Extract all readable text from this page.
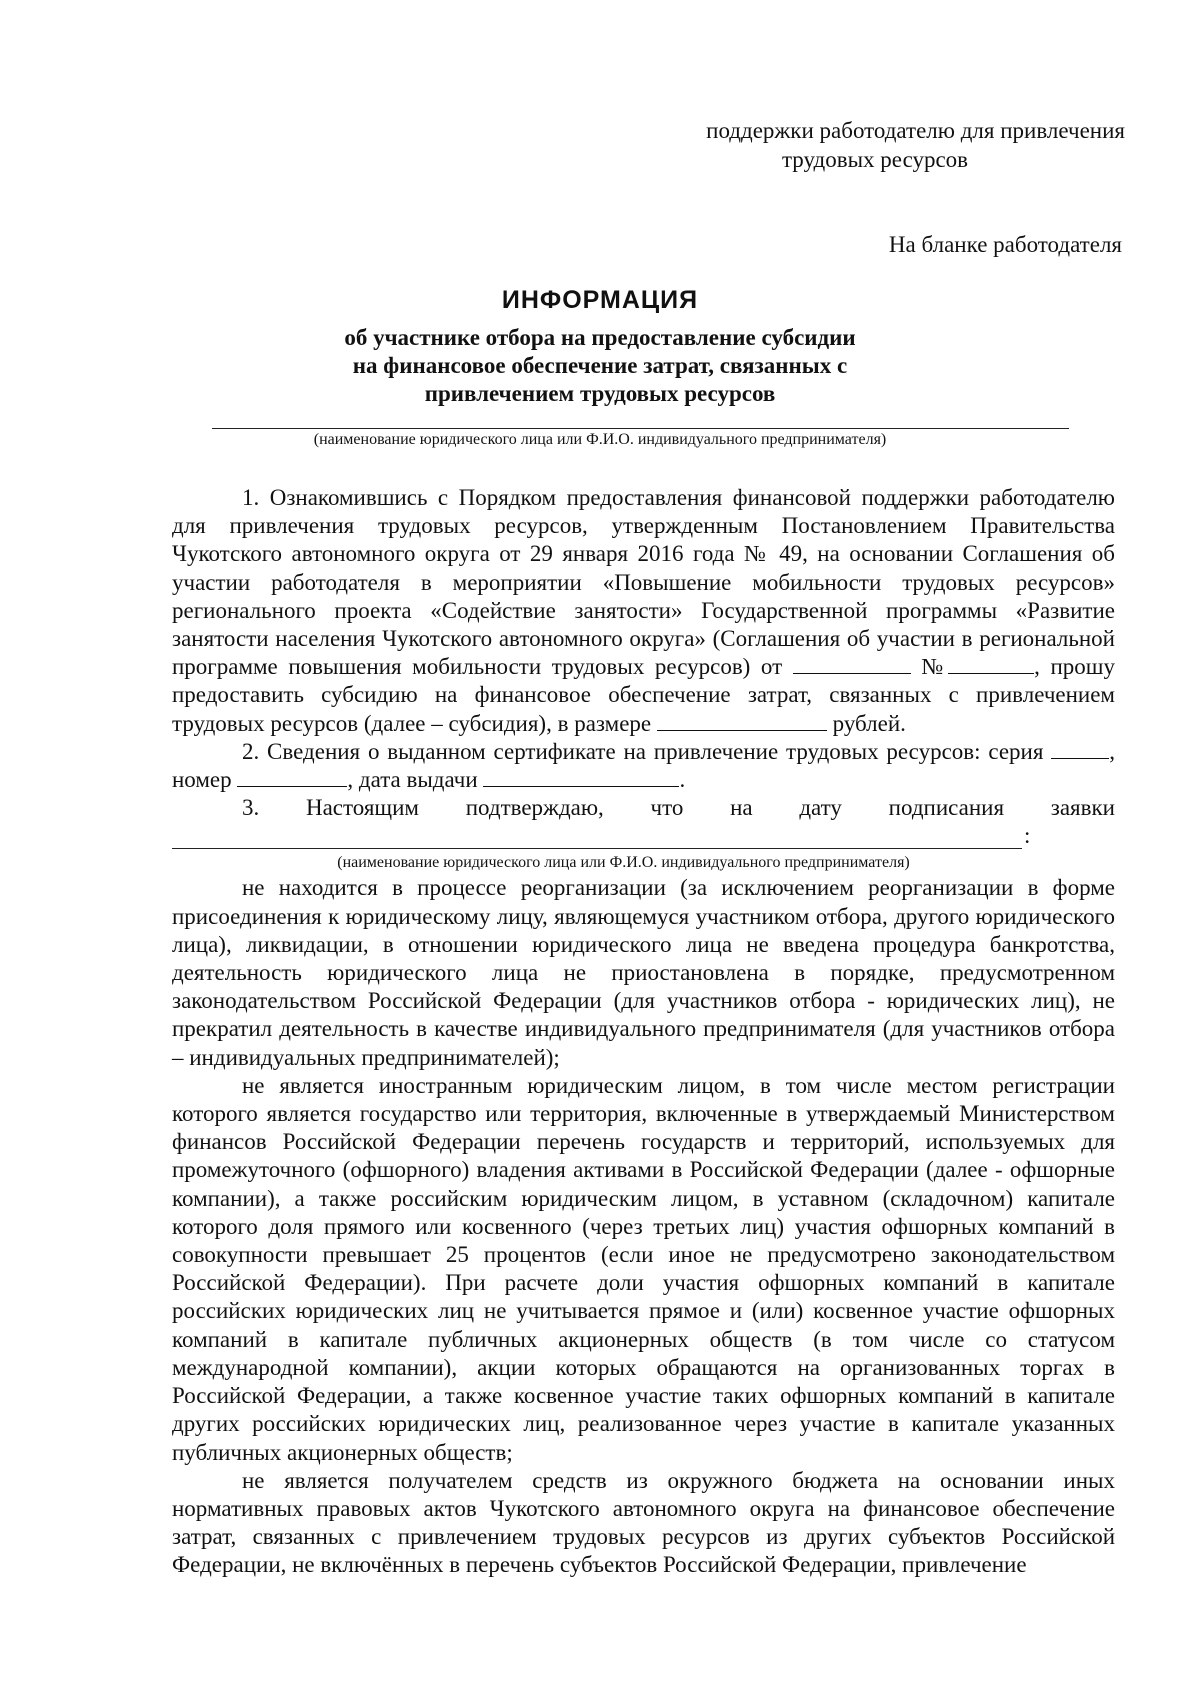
поддержки работодателю для привлечения
трудовых ресурсов
На бланке работодателя
ИНФОРМАЦИЯ
об участнике отбора на предоставление субсидии
на финансовое обеспечение затрат, связанных с
привлечением трудовых ресурсов
(наименование юридического лица или Ф.И.О. индивидуального предпринимателя)

1. Ознакомившись с Порядком предоставления финансовой поддержки работодателю для привлечения трудовых ресурсов, утвержденным Постановлением Правительства Чукотского автономного округа от 29 января 2016 года № 49, на основании Соглашения об участии работодателя в мероприятии «Повышение мобильности трудовых ресурсов» регионального проекта «Содействие занятости» Государственной программы «Развитие занятости населения Чукотского автономного округа» (Соглашения об участии в региональной программе повышения мобильности трудовых ресурсов) от	№	, прошу предоставить субсидию на финансовое обеспечение затрат, связанных с привлечением трудовых ресурсов (далее – субсидия), в размере	рублей.

2. Сведения о выданном сертификате на привлечение трудовых ресурсов: серия	, номер	, дата выдачи	.

3. Настоящим подтверждаю, что на дату подписания заявки
:
(наименование юридического лица или Ф.И.О. индивидуального предпринимателя)

не находится в процессе реорганизации (за исключением реорганизации в форме присоединения к юридическому лицу, являющемуся участником отбора, другого юридического лица), ликвидации, в отношении юридического лица не введена процедура банкротства, деятельность юридического лица не приостановлена в порядке, предусмотренном законодательством Российской Федерации (для участников отбора - юридических лиц), не прекратил деятельность в качестве индивидуального предпринимателя (для участников отбора – индивидуальных предпринимателей);

не является иностранным юридическим лицом, в том числе местом регистрации которого является государство или территория, включенные в утверждаемый Министерством финансов Российской Федерации перечень государств и территорий, используемых для промежуточного (офшорного) владения активами в Российской Федерации (далее - офшорные компании), а также российским юридическим лицом, в уставном (складочном) капитале которого доля прямого или косвенного (через третьих лиц) участия офшорных компаний в совокупности превышает 25 процентов (если иное не предусмотрено законодательством Российской Федерации). При расчете доли участия офшорных компаний в капитале российских юридических лиц не учитывается прямое и (или) косвенное участие офшорных компаний в капитале публичных акционерных обществ (в том числе со статусом международной компании), акции которых обращаются на организованных торгах в Российской Федерации, а также косвенное участие таких офшорных компаний в капитале других российских юридических лиц, реализованное через участие в капитале указанных публичных акционерных обществ;

не является получателем средств из окружного бюджета на основании иных нормативных правовых актов Чукотского автономного округа на финансовое обеспечение затрат, связанных с привлечением трудовых ресурсов из других субъектов Российской Федерации, не включённых в перечень субъектов Российской Федерации, привлечение
